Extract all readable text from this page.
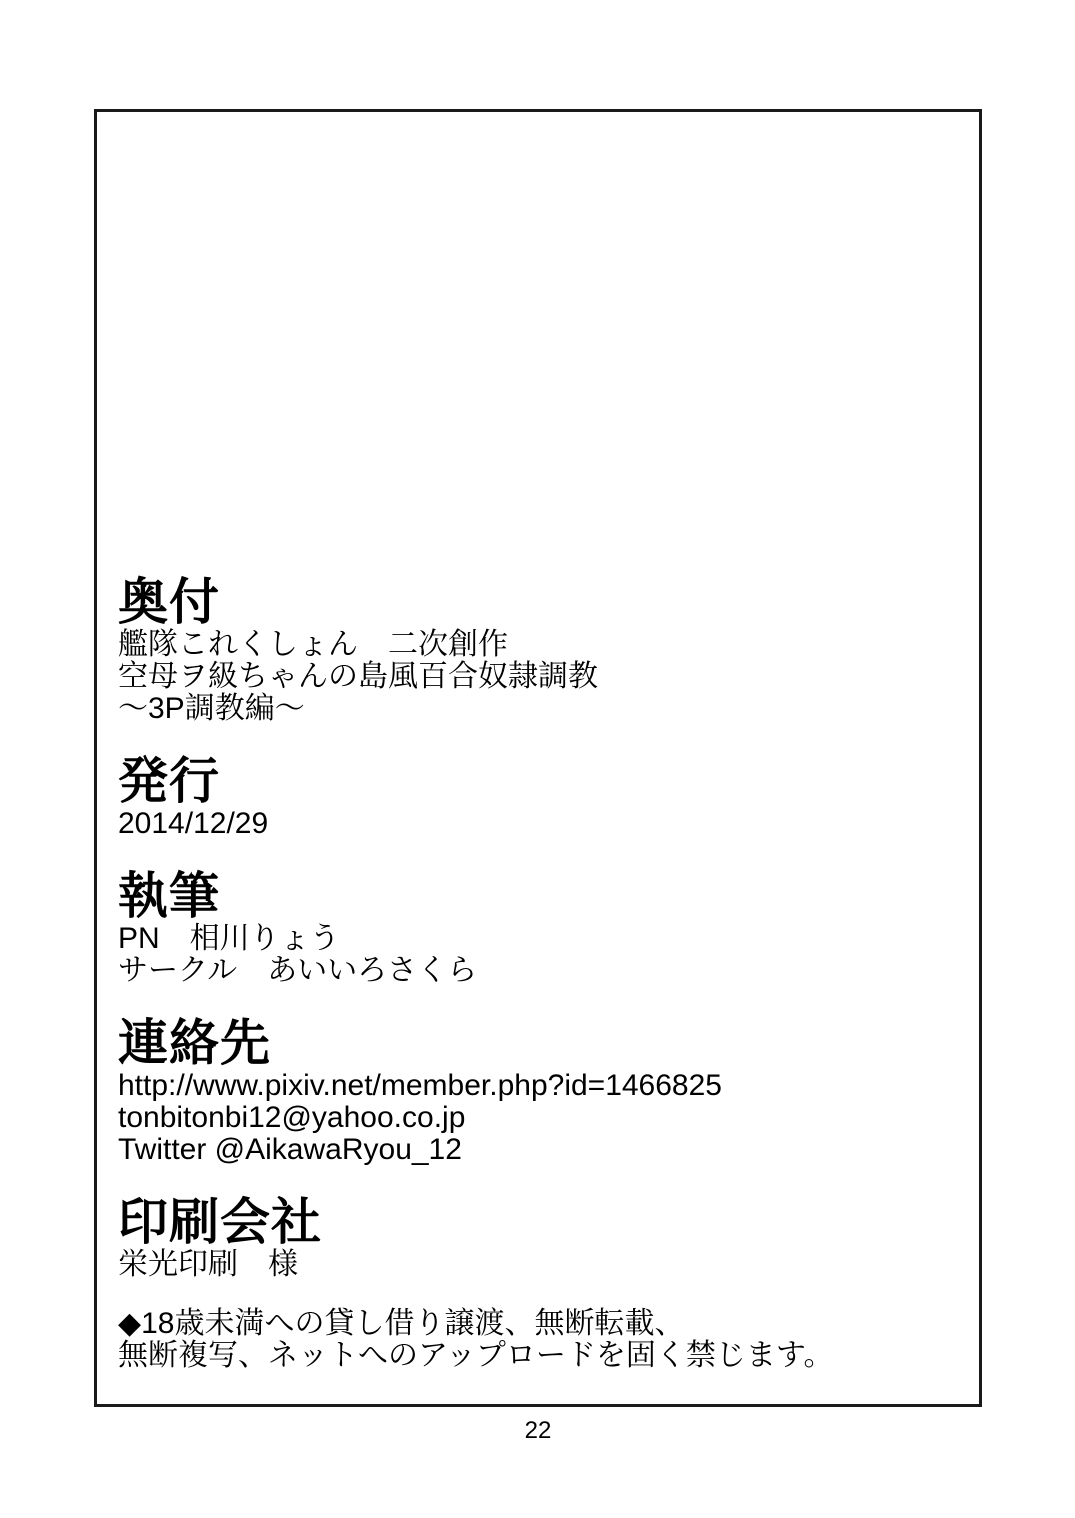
奥付
艦隊これくしょん　二次創作
空母ヲ級ちゃんの島風百合奴隷調教
～3P調教編～
発行
2014/12/29
執筆
PN　相川りょう
サークル　あいいろさくら
連絡先
http://www.pixiv.net/member.php?id=1466825
tonbitonbi12@yahoo.co.jp
Twitter @AikawaRyou_12
印刷会社
栄光印刷　様
◆18歳未満への貸し借り譲渡、無断転載、
無断複写、ネットへのアップロードを固く禁じます。
22
